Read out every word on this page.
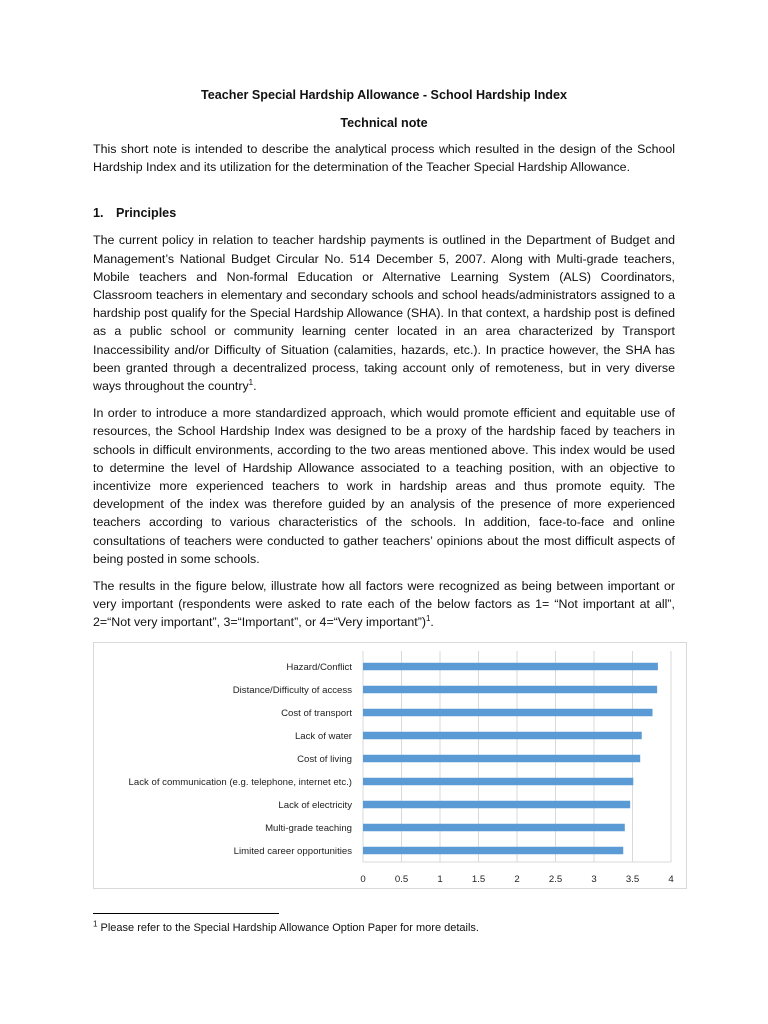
Teacher Special Hardship Allowance - School Hardship Index
Technical note

This short note is intended to describe the analytical process which resulted in the design of the School Hardship Index and its utilization for the determination of the Teacher Special Hardship Allowance.

1. Principles

The current policy in relation to teacher hardship payments is outlined in the Department of Budget and Management’s National Budget Circular No. 514 December 5, 2007. Along with Multi-grade teachers, Mobile teachers and Non-formal Education or Alternative Learning System (ALS) Coordinators, Classroom teachers in elementary and secondary schools and school heads/administrators assigned to a hardship post qualify for the Special Hardship Allowance (SHA). In that context, a hardship post is defined as a public school or community learning center located in an area characterized by Transport Inaccessibility and/or Difficulty of Situation (calamities, hazards, etc.). In practice however, the SHA has been granted through a decentralized process, taking account only of remoteness, but in very diverse ways throughout the country$^1$.

In order to introduce a more standardized approach, which would promote efficient and equitable use of resources, the School Hardship Index was designed to be a proxy of the hardship faced by teachers in schools in difficult environments, according to the two areas mentioned above. This index would be used to determine the level of Hardship Allowance associated to a teaching position, with an objective to incentivize more experienced teachers to work in hardship areas and thus promote equity. The development of the index was therefore guided by an analysis of the presence of more experienced teachers according to various characteristics of the schools. In addition, face-to-face and online consultations of teachers were conducted to gather teachers’ opinions about the most difficult aspects of being posted in some schools.

The results in the figure below, illustrate how all factors were recognized as being between important or very important (respondents were asked to rate each of the below factors as 1= “Not important at all”, 2=“Not very important”, 3=“Important”, or 4=“Very important”)$^1$.

Hazard/Conflict
Distance/Difficulty of access
Cost of transport
Lack of water
Cost of living
Lack of communication (e.g. telephone, internet etc.)
Lack of electricity
Multi-grade teaching
Limited career opportunities
0	0.5	1	1.5	2	2.5	3	3.5	4

$^1$ Please refer to the Special Hardship Allowance Option Paper for more details.
